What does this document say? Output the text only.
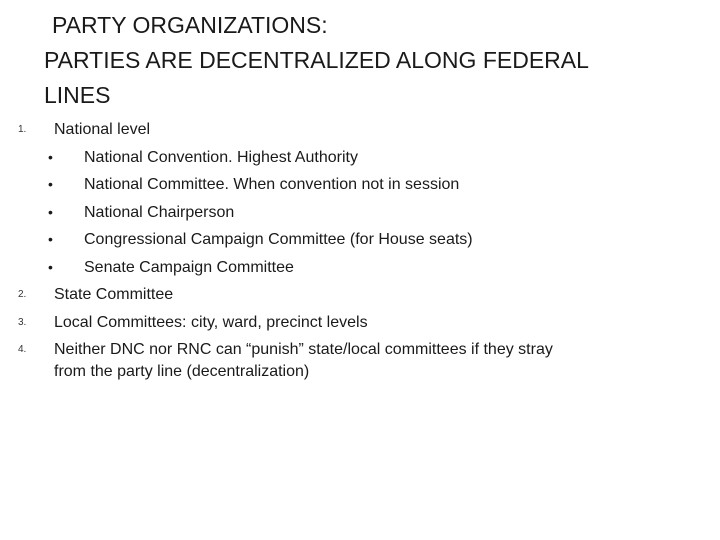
PARTY ORGANIZATIONS:
PARTIES ARE DECENTRALIZED ALONG FEDERAL
LINES
1.	National level
•	National Convention. Highest Authority
•	National Committee. When convention not in session
•	National Chairperson
•	Congressional Campaign Committee (for House seats)
•	Senate Campaign Committee
2.	State Committee
3.	Local Committees: city, ward, precinct levels
4.	Neither DNC nor RNC can “punish” state/local committees if they stray from the party line (decentralization)
